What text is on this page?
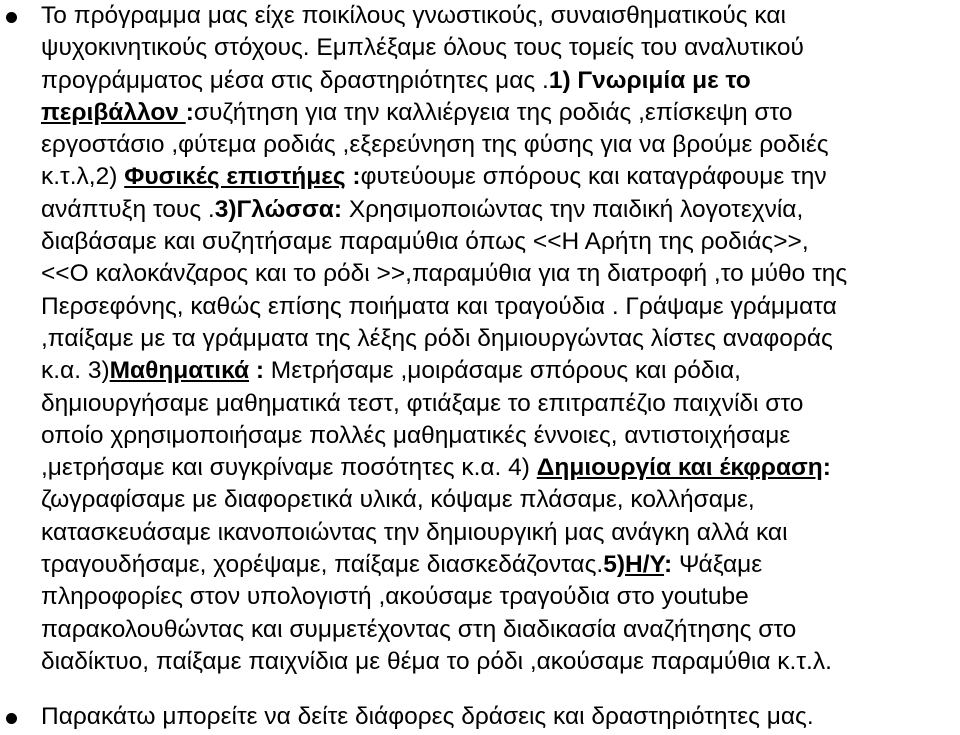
Το πρόγραμμα μας είχε ποικίλους γνωστικούς, συναισθηματικούς και
ψυχοκινητικούς στόχους. Εμπλέξαμε όλους τους τομείς του αναλυτικού
προγράμματος μέσα στις δραστηριότητες μας .1) Γνωριμία με το
περιβάλλον :συζήτηση για την καλλιέργεια της ροδιάς ,επίσκεψη στο
εργοστάσιο ,φύτεμα ροδιάς ,εξερεύνηση της φύσης για να βρούμε ροδιές
κ.τ.λ,2) Φυσικές επιστήμες :φυτεύουμε σπόρους και καταγράφουμε την
ανάπτυξη τους .3)Γλώσσα: Χρησιμοποιώντας την παιδική λογοτεχνία,
διαβάσαμε και συζητήσαμε παραμύθια όπως <<Η Αρήτη της ροδιάς>>,
<<Ο καλοκάνζαρος και το ρόδι >>,παραμύθια για τη διατροφή ,το μύθο της
Περσεφόνης, καθώς επίσης ποιήματα και τραγούδια . Γράψαμε γράμματα
,παίξαμε με τα γράμματα της λέξης ρόδι δημιουργώντας λίστες αναφοράς
κ.α. 3)Μαθηματικά : Μετρήσαμε ,μοιράσαμε σπόρους και ρόδια,
δημιουργήσαμε μαθηματικά τεστ, φτιάξαμε το επιτραπέζιο παιχνίδι στο
οποίο χρησιμοποιήσαμε πολλές μαθηματικές έννοιες, αντιστοιχήσαμε
,μετρήσαμε και συγκρίναμε ποσότητες κ.α. 4) Δημιουργία και έκφραση:
ζωγραφίσαμε με διαφορετικά υλικά, κόψαμε πλάσαμε, κολλήσαμε,
κατασκευάσαμε ικανοποιώντας την δημιουργική μας ανάγκη αλλά και
τραγουδήσαμε, χορέψαμε, παίξαμε διασκεδάζοντας.5)Η/Υ: Ψάξαμε
πληροφορίες στον υπολογιστή ,ακούσαμε τραγούδια στο youtube
παρακολουθώντας και συμμετέχοντας στη διαδικασία αναζήτησης στο
διαδίκτυο, παίξαμε παιχνίδια με θέμα το ρόδι ,ακούσαμε παραμύθια κ.τ.λ.

Παρακάτω μπορείτε να δείτε διάφορες δράσεις και δραστηριότητες μας.
